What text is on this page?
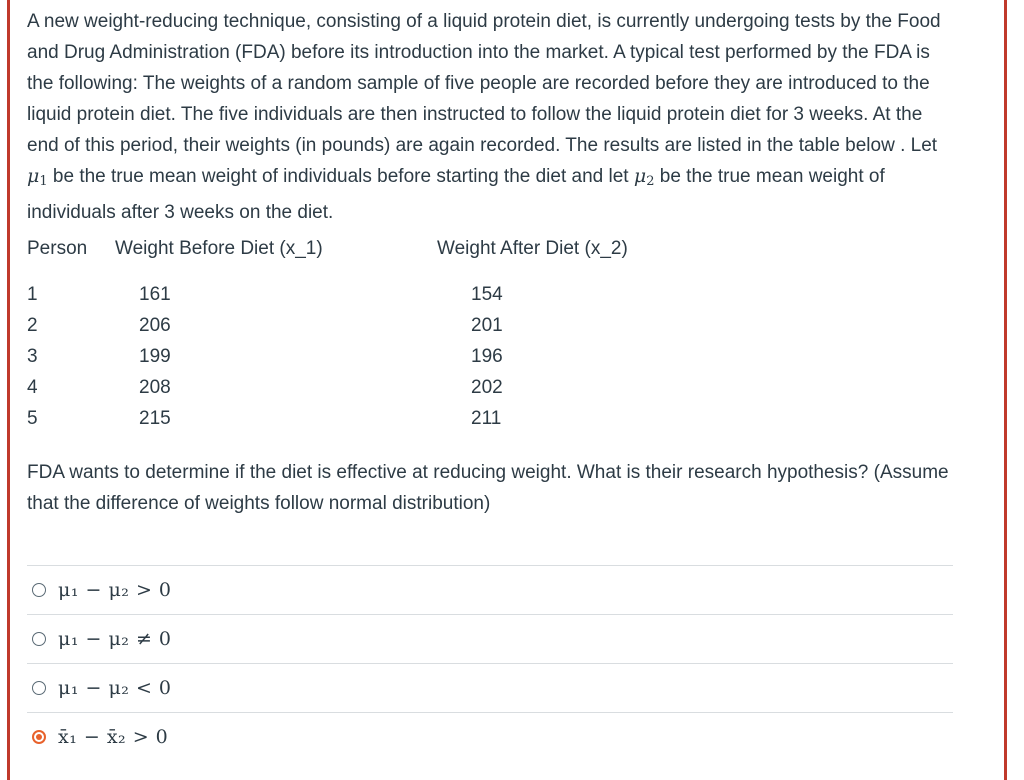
A new weight-reducing technique, consisting of a liquid protein diet, is currently undergoing tests by the Food and Drug Administration (FDA) before its introduction into the market. A typical test performed by the FDA is the following: The weights of a random sample of five people are recorded before they are introduced to the liquid protein diet. The five individuals are then instructed to follow the liquid protein diet for 3 weeks. At the end of this period, their weights (in pounds) are again recorded. The results are listed in the table below . Let $\mu_1$ be the true mean weight of individuals before starting the diet and let $\mu_2$ be the true mean weight of individuals after 3 weeks on the diet.

Person Weight Before Diet (x_1)	Weight After Diet (x_2)
1	161	154
2	206	201
3	199	196
4	208	202
5	215	211

FDA wants to determine if the diet is effective at reducing weight. What is their research hypothesis? (Assume that the difference of weights follow normal distribution)

μ₁ − μ₂ > 0
μ₁ − μ₂ ≠ 0
μ₁ − μ₂ < 0
x̄₁ − x̄₂ > 0
